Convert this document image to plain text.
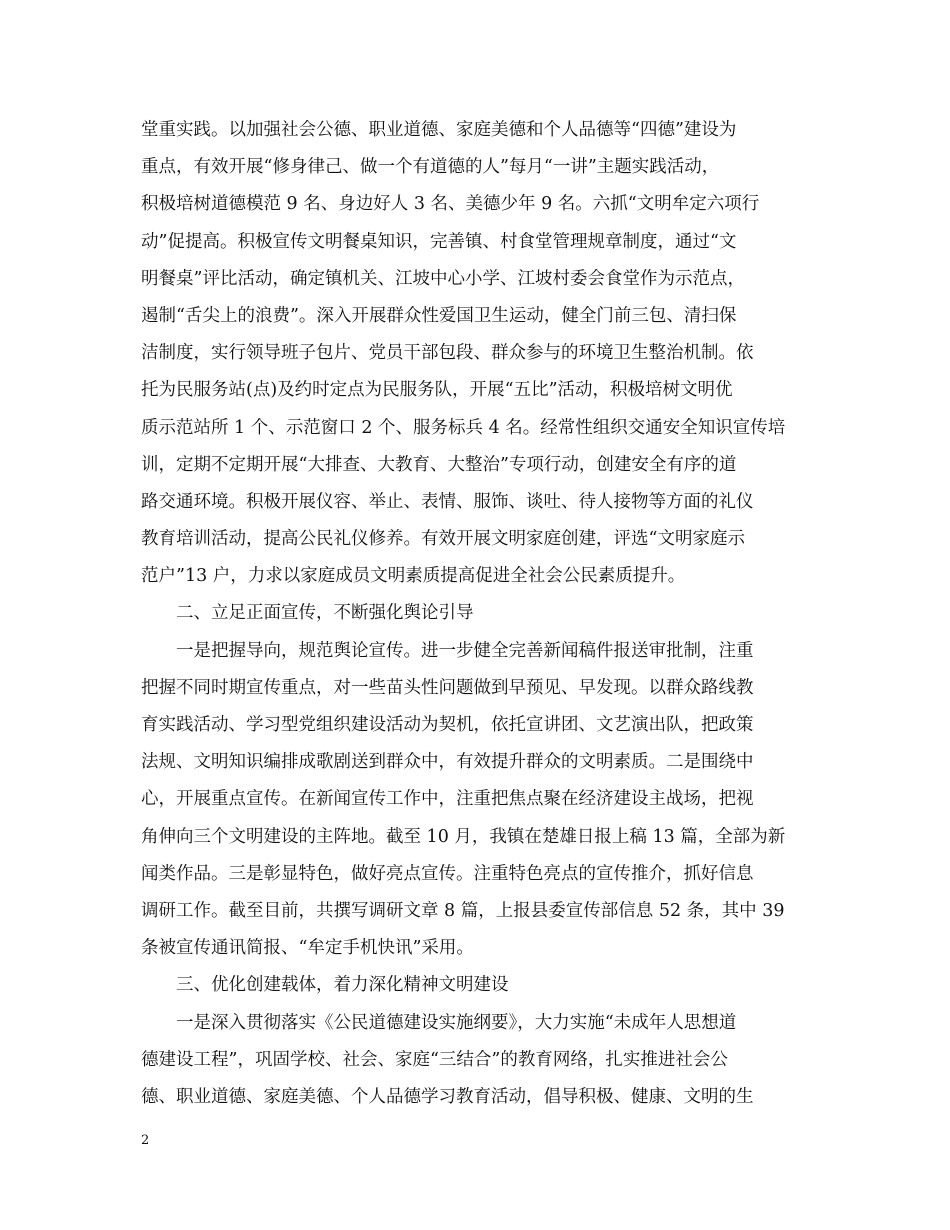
堂重实践。以加强社会公德、职业道德、家庭美德和个人品德等“四德”建设为
重点，有效开展“修身律己、做一个有道德的人”每月“一讲”主题实践活动，
积极培树道德模范 9 名、身边好人 3 名、美德少年 9 名。六抓“文明牟定六项行
动”促提高。积极宣传文明餐桌知识，完善镇、村食堂管理规章制度，通过“文
明餐桌”评比活动，确定镇机关、江坡中心小学、江坡村委会食堂作为示范点，
遏制“舌尖上的浪费”。深入开展群众性爱国卫生运动，健全门前三包、清扫保
洁制度，实行领导班子包片、党员干部包段、群众参与的环境卫生整治机制。依
托为民服务站(点)及约时定点为民服务队，开展“五比”活动，积极培树文明优
质示范站所 1 个、示范窗口 2 个、服务标兵 4 名。经常性组织交通安全知识宣传培
训，定期不定期开展“大排查、大教育、大整治”专项行动，创建安全有序的道
路交通环境。积极开展仪容、举止、表情、服饰、谈吐、待人接物等方面的礼仪
教育培训活动，提高公民礼仪修养。有效开展文明家庭创建，评选“文明家庭示
范户”13 户，力求以家庭成员文明素质提高促进全社会公民素质提升。
二、立足正面宣传，不断强化舆论引导
一是把握导向，规范舆论宣传。进一步健全完善新闻稿件报送审批制，注重
把握不同时期宣传重点，对一些苗头性问题做到早预见、早发现。以群众路线教
育实践活动、学习型党组织建设活动为契机，依托宣讲团、文艺演出队，把政策
法规、文明知识编排成歌剧送到群众中，有效提升群众的文明素质。二是围绕中
心，开展重点宣传。在新闻宣传工作中，注重把焦点聚在经济建设主战场，把视
角伸向三个文明建设的主阵地。截至 10 月，我镇在楚雄日报上稿 13 篇，全部为新
闻类作品。三是彰显特色，做好亮点宣传。注重特色亮点的宣传推介，抓好信息
调研工作。截至目前，共撰写调研文章 8 篇，上报县委宣传部信息 52 条，其中 39
条被宣传通讯简报、“牟定手机快讯”采用。
三、优化创建载体，着力深化精神文明建设
一是深入贯彻落实《公民道德建设实施纲要》，大力实施“未成年人思想道
德建设工程”，巩固学校、社会、家庭“三结合”的教育网络，扎实推进社会公
德、职业道德、家庭美德、个人品德学习教育活动，倡导积极、健康、文明的生
2
